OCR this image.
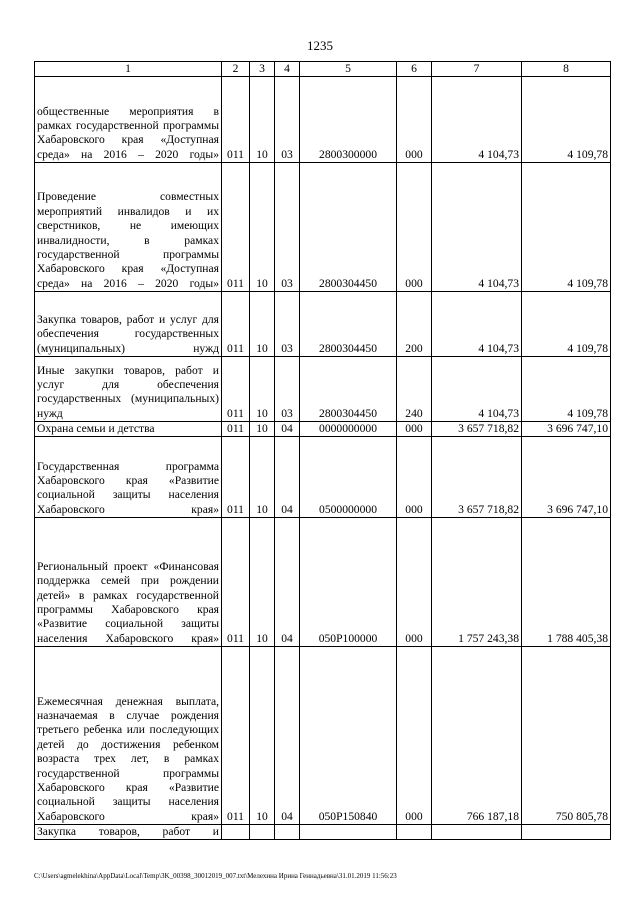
1235
1	2	3	4	5	6	7	8
общественные мероприятия в рамках государственной программы Хабаровского края «Доступная среда» на 2016 – 2020 годы»	011	10	03	2800300000	000	4 104,73	4 109,78
Проведение совместных мероприятий инвалидов и их сверстников, не имеющих инвалидности, в рамках государственной программы Хабаровского края «Доступная среда» на 2016 – 2020 годы»	011	10	03	2800304450	000	4 104,73	4 109,78
Закупка товаров, работ и услуг для обеспечения государственных (муниципальных) нужд	011	10	03	2800304450	200	4 104,73	4 109,78
Иные закупки товаров, работ и услуг для обеспечения государственных (муниципальных) нужд	011	10	03	2800304450	240	4 104,73	4 109,78
Охрана семьи и детства	011	10	04	0000000000	000	3 657 718,82	3 696 747,10
Государственная программа Хабаровского края «Развитие социальной защиты населения Хабаровского края»	011	10	04	0500000000	000	3 657 718,82	3 696 747,10
Региональный проект «Финансовая поддержка семей при рождении детей» в рамках государственной программы Хабаровского края «Развитие социальной защиты населения Хабаровского края»	011	10	04	050P100000	000	1 757 243,38	1 788 405,38
Ежемесячная денежная выплата, назначаемая в случае рождения третьего ребенка или последующих детей до достижения ребенком возраста трех лет, в рамках государственной программы Хабаровского края «Развитие социальной защиты населения Хабаровского края»	011	10	04	050P150840	000	766 187,18	750 805,78
Закупка товаров, работ и							
C:\Users\agmelekhina\AppData\Local\Temp\3K_00398_30012019_007.txt\Мелехина Ирина Геннадьевна\31.01.2019 11:56:23
